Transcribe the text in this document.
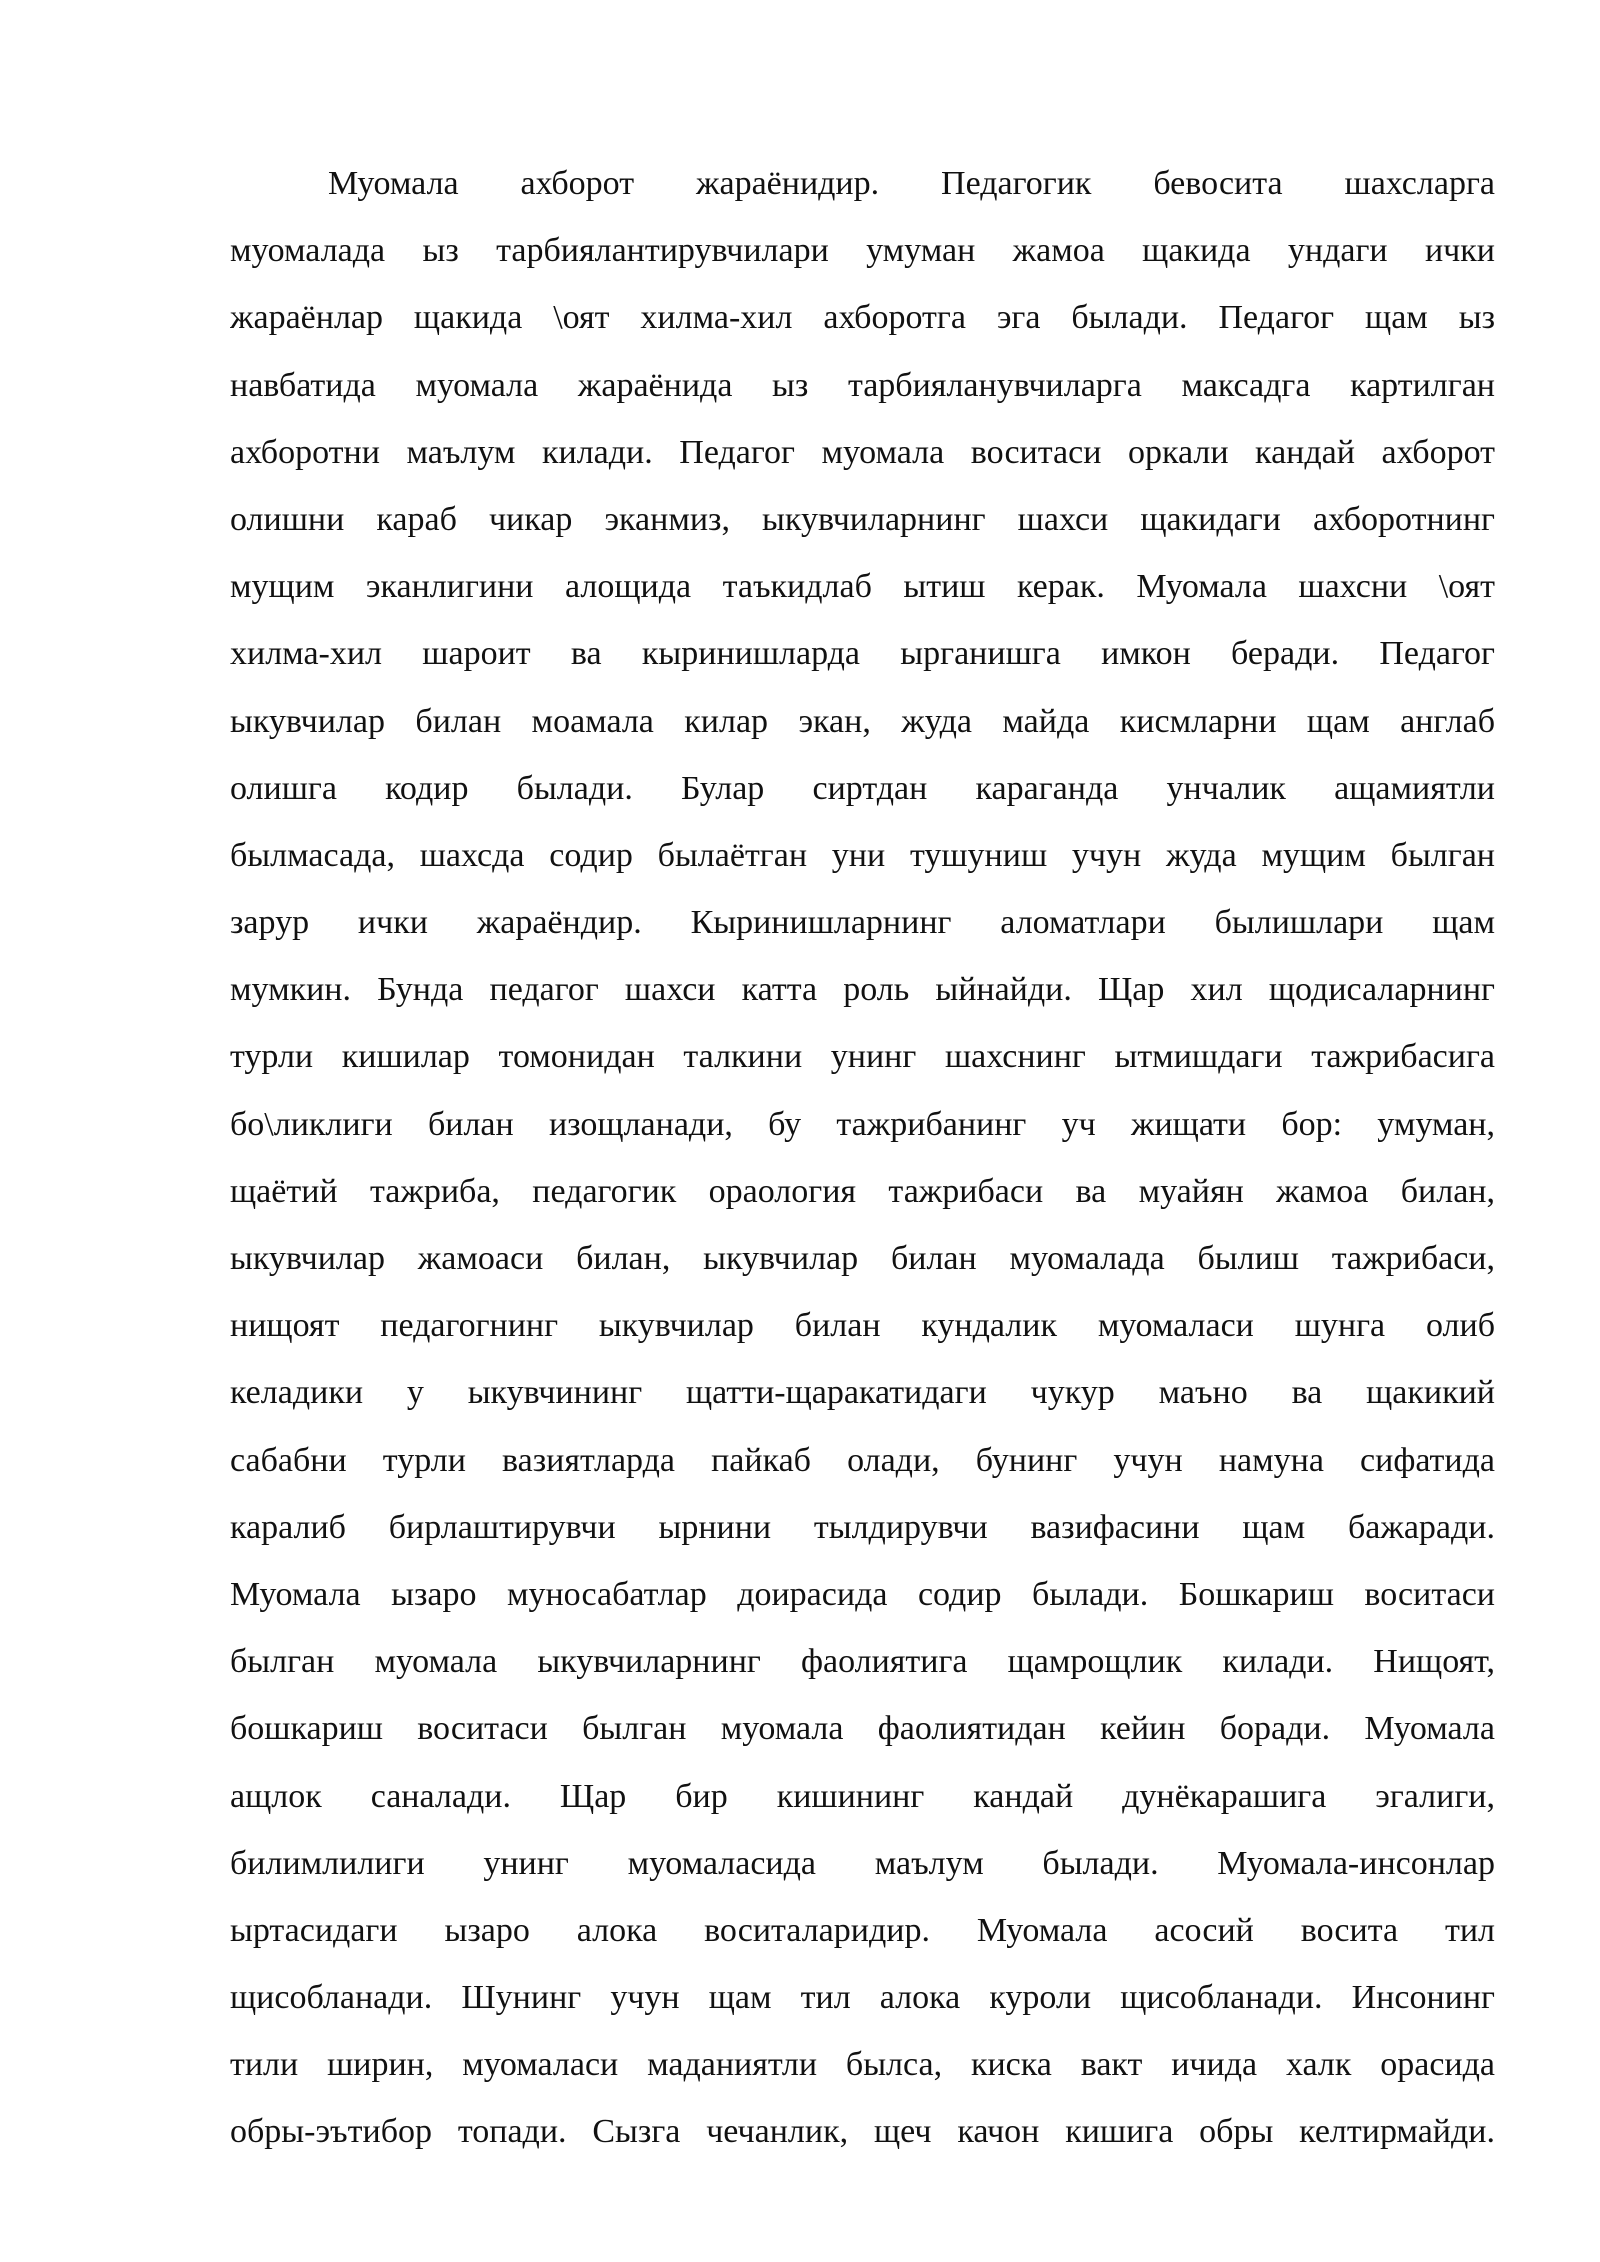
Муомала ахборот жараёнидир. Педагогик бевосита шахсларга
муомалада ыз тарбиялантирувчилари умуман жамоа щакида ундаги ички
жараёнлар щакида \оят хилма-хил ахборотга эга былади. Педагог щам ыз
навбатида муомала жараёнида ыз тарбияланувчиларга максадга картилган
ахборотни маълум килади. Педагог муомала воситаси оркали кандай ахборот
олишни караб чикар эканмиз, ыкувчиларнинг шахси щакидаги ахборотнинг
мущим эканлигини алощида таъкидлаб ытиш керак. Муомала шахсни \оят
хилма-хил шароит ва кыринишларда ырганишга имкон беради. Педагог
ыкувчилар билан моамала килар экан, жуда майда кисмларни щам англаб
олишга кодир былади. Булар сиртдан караганда унчалик ащамиятли
былмасада, шахсда содир былаётган уни тушуниш учун жуда мущим былган
зарур ички жараёндир. Кыринишларнинг аломатлари былишлари щам
мумкин. Бунда педагог шахси катта роль ыйнайди. Щар хил щодисаларнинг
турли кишилар томонидан талкини унинг шахснинг ытмишдаги тажрибасига
бо\ликлиги билан изощланади, бу тажрибанинг уч жищати бор: умуман,
щаётий тажриба, педагогик ораология тажрибаси ва муайян жамоа билан,
ыкувчилар жамоаси билан, ыкувчилар билан муомалада былиш тажрибаси,
нищоят педагогнинг ыкувчилар билан кундалик муомаласи шунга олиб
келадики у ыкувчининг щатти-щаракатидаги чукур маъно ва щакикий
сабабни турли вазиятларда пайкаб олади, бунинг учун намуна сифатида
каралиб бирлаштирувчи ырнини тылдирувчи вазифасини щам бажаради.
Муомала ызаро муносабатлар доирасида содир былади. Бошкариш воситаси
былган муомала ыкувчиларнинг фаолиятига щамрощлик килади. Нищоят,
бошкариш воситаси былган муомала фаолиятидан кейин боради. Муомала
ащлок саналади. Щар бир кишининг кандай дунёкарашига эгалиги,
билимлилиги унинг муомаласида маълум былади. Муомала-инсонлар
ыртасидаги ызаро алока воситаларидир. Муомала асосий восита тил
щисобланади. Шунинг учун щам тил алока куроли щисобланади. Инсонинг
тили ширин, муомаласи маданиятли былса, киска вакт ичида халк орасида
обры-эътибор топади. Сызга чечанлик, щеч качон кишига обры келтирмайди.
